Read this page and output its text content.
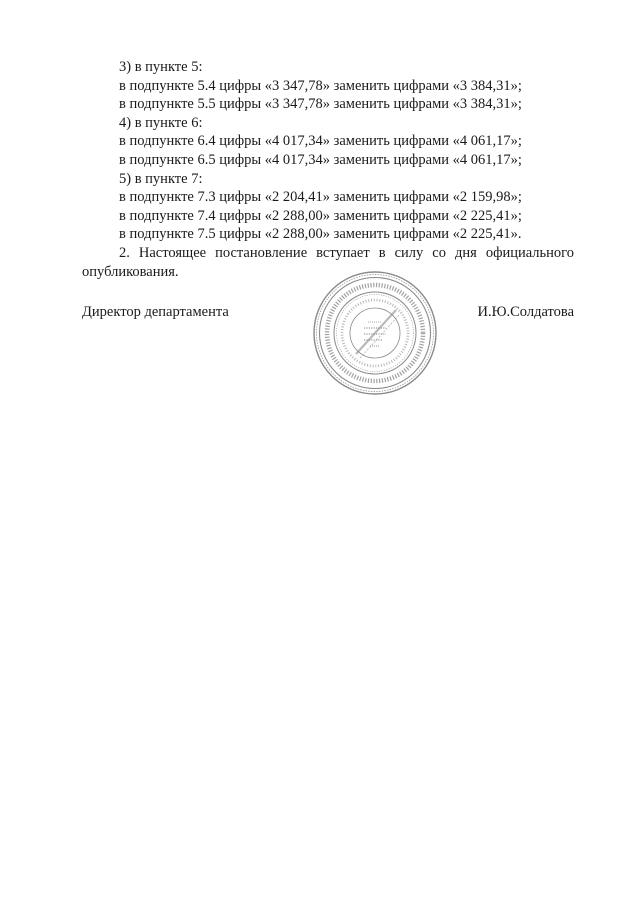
3) в пункте 5:
в подпункте 5.4 цифры «3 347,78» заменить цифрами «3 384,31»;
в подпункте 5.5 цифры «3 347,78» заменить цифрами «3 384,31»;
4) в пункте 6:
в подпункте 6.4 цифры «4 017,34» заменить цифрами «4 061,17»;
в подпункте 6.5 цифры «4 017,34» заменить цифрами «4 061,17»;
5) в пункте 7:
в подпункте 7.3 цифры «2 204,41» заменить цифрами «2 159,98»;
в подпункте 7.4 цифры «2 288,00» заменить цифрами «2 225,41»;
в подпункте 7.5 цифры «2 288,00» заменить цифрами «2 225,41».
2. Настоящее постановление вступает в силу со дня официального
опубликования.
Директор департамента	И.Ю.Солдатова
